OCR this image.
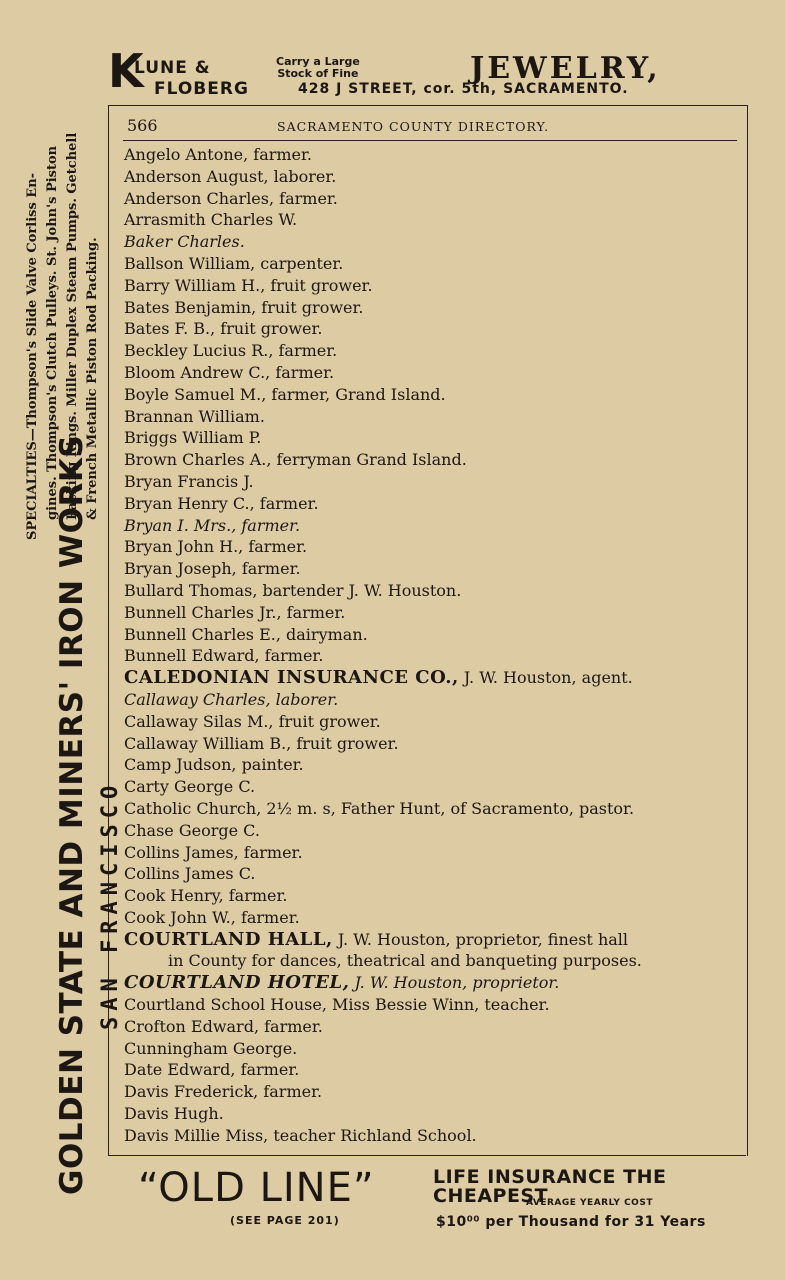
K
LUNE &
FLOBERG
Carry a Large
Stock of Fine	JEWELRY,
428 J STREET, cor. 5th, SACRAMENTO.
566	SACRAMENTO COUNTY DIRECTORY.
Angelo Antone, farmer.
Anderson August, laborer.
Anderson Charles, farmer.
Arrasmith Charles W.
Baker Charles.
Ballson William, carpenter.
Barry William H., fruit grower.
Bates Benjamin, fruit grower.
Bates F. B., fruit grower.
Beckley Lucius R., farmer.
Bloom Andrew C., farmer.
Boyle Samuel M., farmer, Grand Island.
Brannan William.
Briggs William P.
Brown Charles A., ferryman Grand Island.
Bryan Francis J.
Bryan Henry C., farmer.
Bryan I. Mrs., farmer.
Bryan John H., farmer.
Bryan Joseph, farmer.
Bullard Thomas, bartender J. W. Houston.
Bunnell Charles Jr., farmer.
Bunnell Charles E., dairyman.
Bunnell Edward, farmer.
CALEDONIAN INSURANCE CO., J. W. Houston, agent.
Callaway Charles, laborer.
Callaway Silas M., fruit grower.
Callaway William B., fruit grower.
Camp Judson, painter.
Carty George C.
Catholic Church, 2½ m. s, Father Hunt, of Sacramento, pastor.
Chase George C.
Collins James, farmer.
Collins James C.
Cook Henry, farmer.
Cook John W., farmer.
COURTLAND HALL, J. W. Houston, proprietor, finest hall
in County for dances, theatrical and banqueting purposes.
COURTLAND HOTEL, J. W. Houston, proprietor.
Courtland School House, Miss Bessie Winn, teacher.
Crofton Edward, farmer.
Cunningham George.
Date Edward, farmer.
Davis Frederick, farmer.
Davis Hugh.
Davis Millie Miss, teacher Richland School.
GOLDEN STATE AND MINERS' IRON WORKS SAN FRANCISCO
SPECIALTIES—Thompson's Slide Valve Corliss En- gines. Thompson's Clutch Pulleys. St. John's Piston Packing Rings. Miller Duplex Steam Pumps. Getchell & French Metallic Piston Rod Packing.
“OLD LINE”
(SEE PAGE 201)
LIFE INSURANCE THE CHEAPEST
AVERAGE YEARLY COST
$10⁰⁰ per Thousand for 31 Years
